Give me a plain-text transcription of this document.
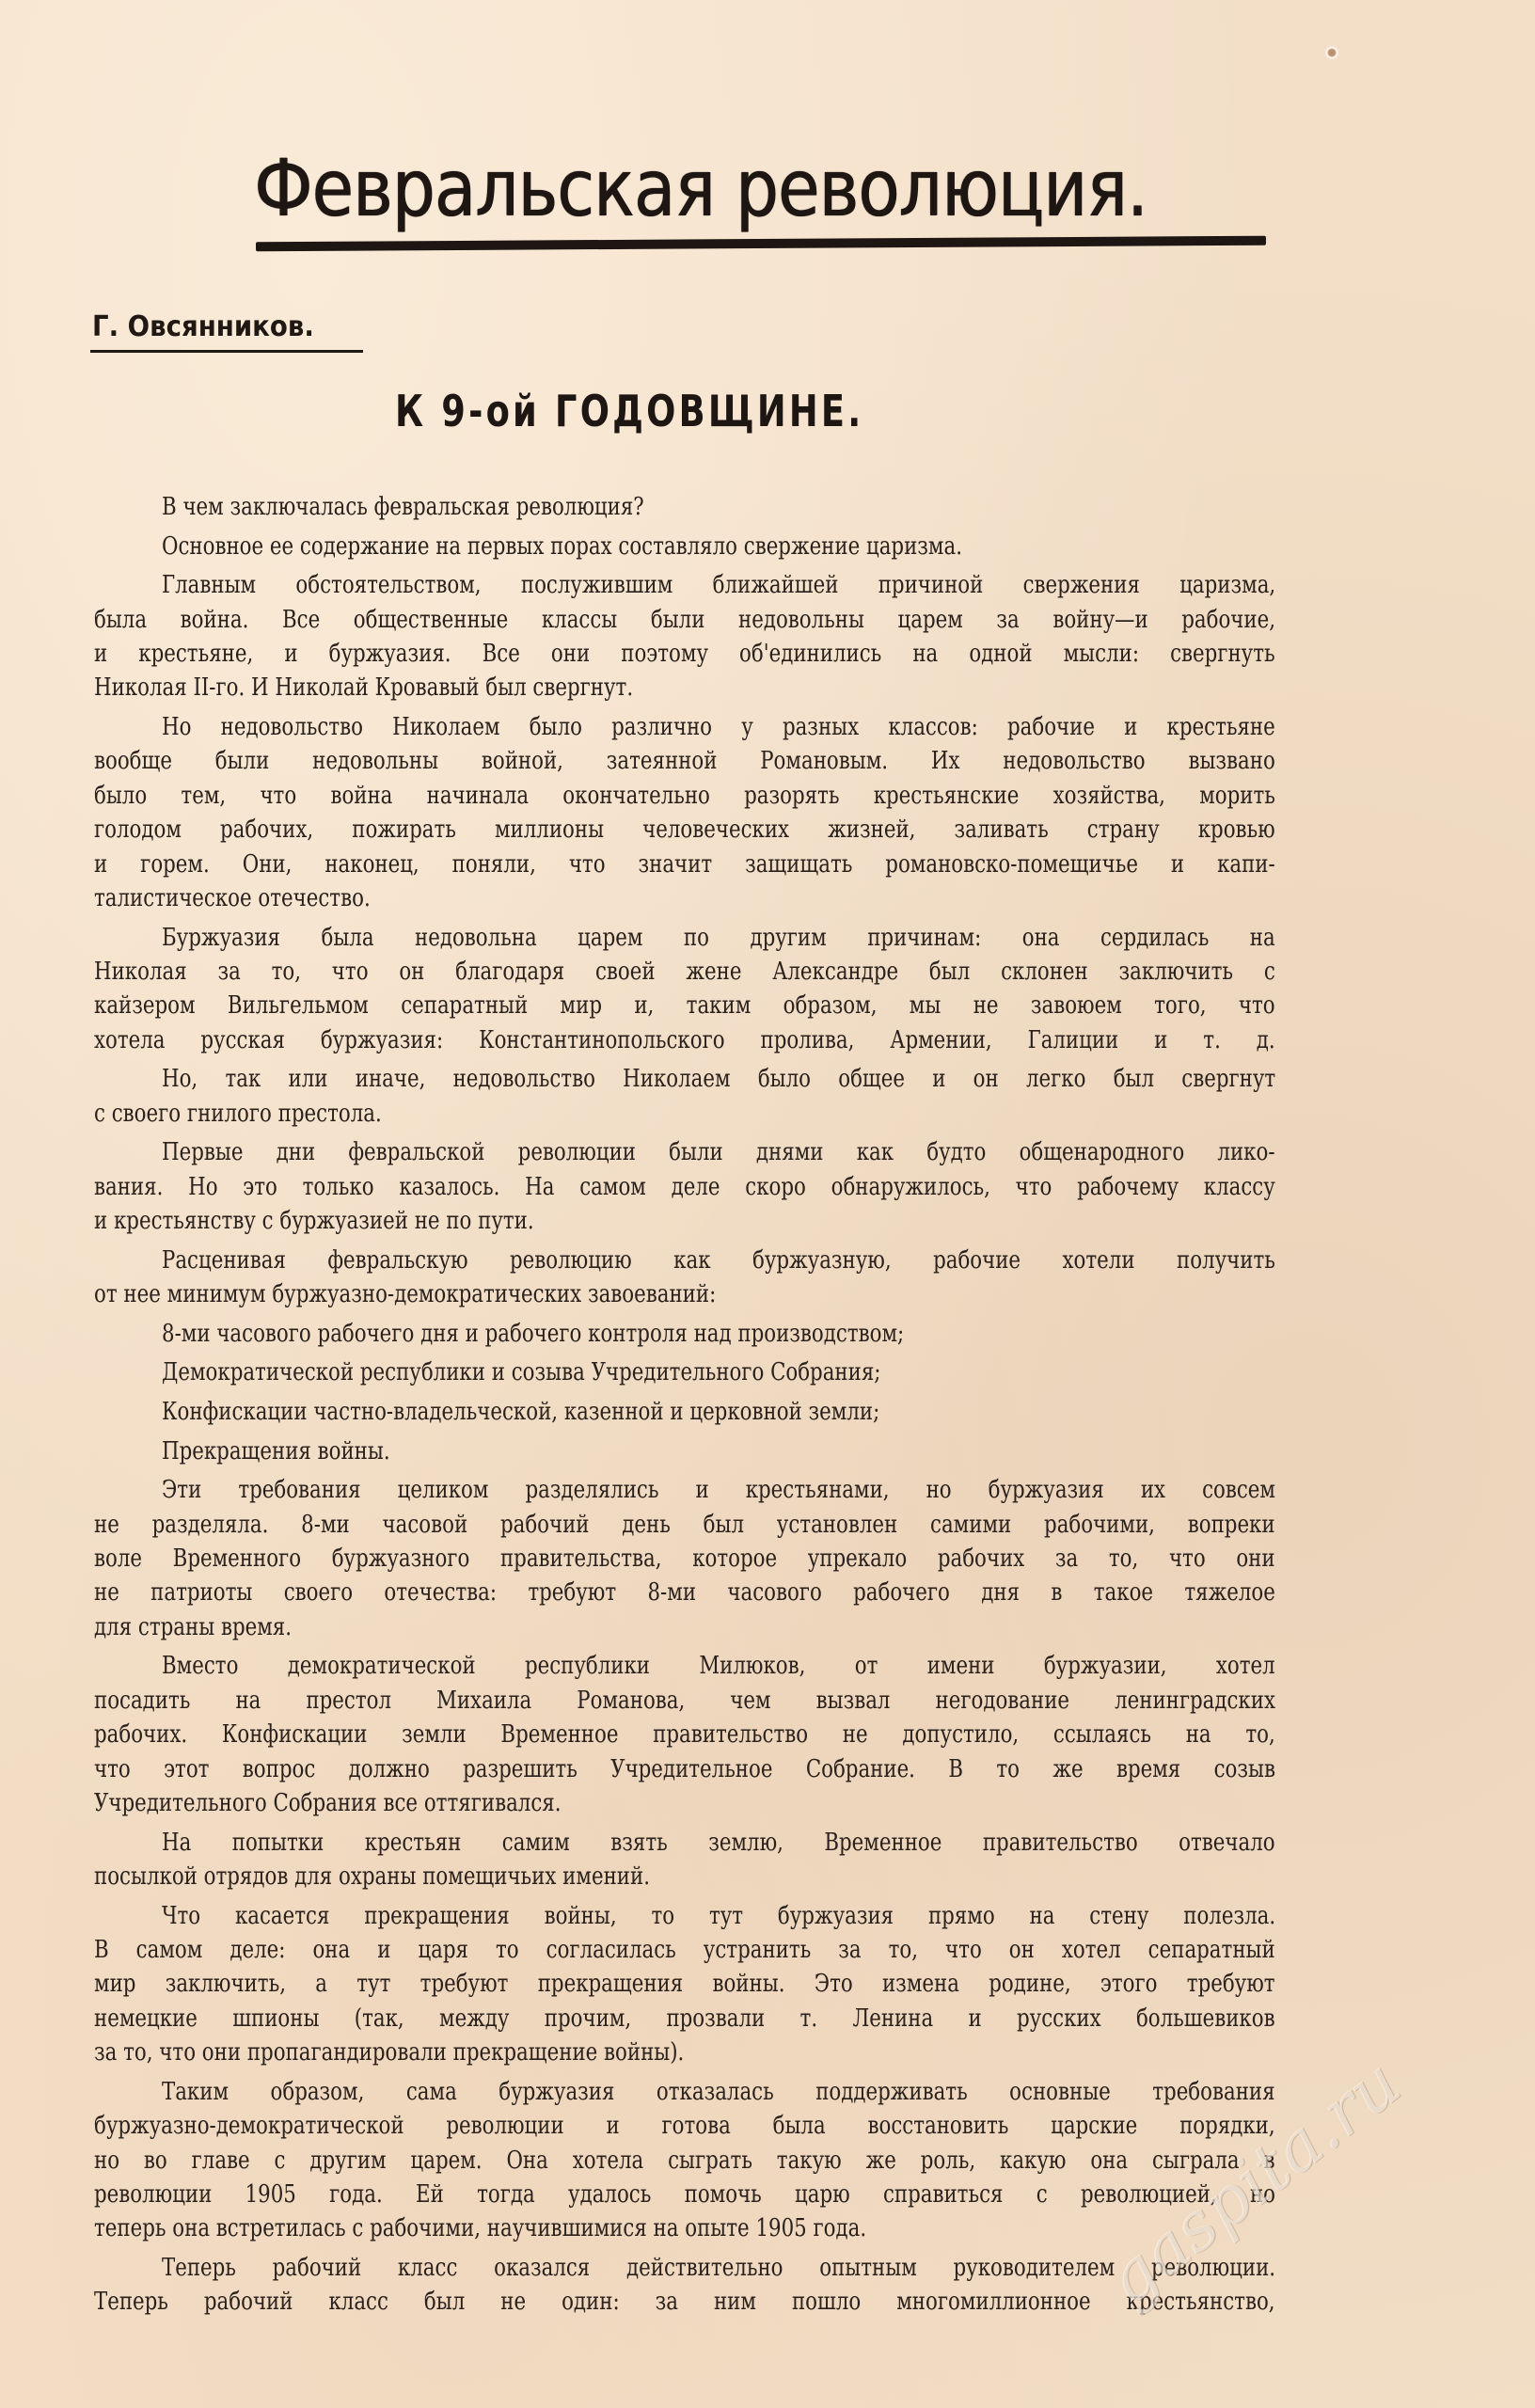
Февральская революция.
Г. Овсянников.
К 9-ой ГОДОВЩИНЕ.
В чем заключалась февральская революция?
Основное ее содержание на первых порах составляло свержение царизма.
Главным обстоятельством, послужившим ближайшей причиной свержения царизма,
была война. Все общественные классы были недовольны царем за войну—и рабочие,
и крестьяне, и буржуазия. Все они поэтому об'единились на одной мысли: свергнуть
Николая II-го. И Николай Кровавый был свергнут.
Но недовольство Николаем было различно у разных классов: рабочие и крестьяне
вообще были недовольны войной, затеянной Романовым. Их недовольство вызвано
было тем, что война начинала окончательно разорять крестьянские хозяйства, морить
голодом рабочих, пожирать миллионы человеческих жизней, заливать страну кровью
и горем. Они, наконец, поняли, что значит защищать романовско-помещичье и капи-
талистическое отечество.
Буржуазия была недовольна царем по другим причинам: она сердилась на
Николая за то, что он благодаря своей жене Александре был склонен заключить с
кайзером Вильгельмом сепаратный мир и, таким образом, мы не завоюем того, что
хотела русская буржуазия: Константинопольского пролива, Армении, Галиции и т. д.
Но, так или иначе, недовольство Николаем было общее и он легко был свергнут
с своего гнилого престола.
Первые дни февральской революции были днями как будто общенародного лико-
вания. Но это только казалось. На самом деле скоро обнаружилось, что рабочему классу
и крестьянству с буржуазией не по пути.
Расценивая февральскую революцию как буржуазную, рабочие хотели получить
от нее минимум буржуазно-демократических завоеваний:
8-ми часового рабочего дня и рабочего контроля над производством;
Демократической республики и созыва Учредительного Собрания;
Конфискации частно-владельческой, казенной и церковной земли;
Прекращения войны.
Эти требования целиком разделялись и крестьянами, но буржуазия их совсем
не разделяла. 8-ми часовой рабочий день был установлен самими рабочими, вопреки
воле Временного буржуазного правительства, которое упрекало рабочих за то, что они
не патриоты своего отечества: требуют 8-ми часового рабочего дня в такое тяжелое
для страны время.
Вместо демократической республики Милюков, от имени буржуазии, хотел
посадить на престол Михаила Романова, чем вызвал негодование ленинградских
рабочих. Конфискации земли Временное правительство не допустило, ссылаясь на то,
что этот вопрос должно разрешить Учредительное Собрание. В то же время созыв
Учредительного Собрания все оттягивался.
На попытки крестьян самим взять землю, Временное правительство отвечало
посылкой отрядов для охраны помещичьих имений.
Что касается прекращения войны, то тут буржуазия прямо на стену полезла.
В самом деле: она и царя то согласилась устранить за то, что он хотел сепаратный
мир заключить, а тут требуют прекращения войны. Это измена родине, этого требуют
немецкие шпионы (так, между прочим, прозвали т. Ленина и русских большевиков
за то, что они пропагандировали прекращение войны).
Таким образом, сама буржуазия отказалась поддерживать основные требования
буржуазно-демократической революции и готова была восстановить царские порядки,
но во главе с другим царем. Она хотела сыграть такую же роль, какую она сыграла в
революции 1905 года. Ей тогда удалось помочь царю справиться с революцией, но
теперь она встретилась с рабочими, научившимися на опыте 1905 года.
Теперь рабочий класс оказался действительно опытным руководителем революции.
Теперь рабочий класс был не один: за ним пошло многомиллионное крестьянство,
gaspita.ru
